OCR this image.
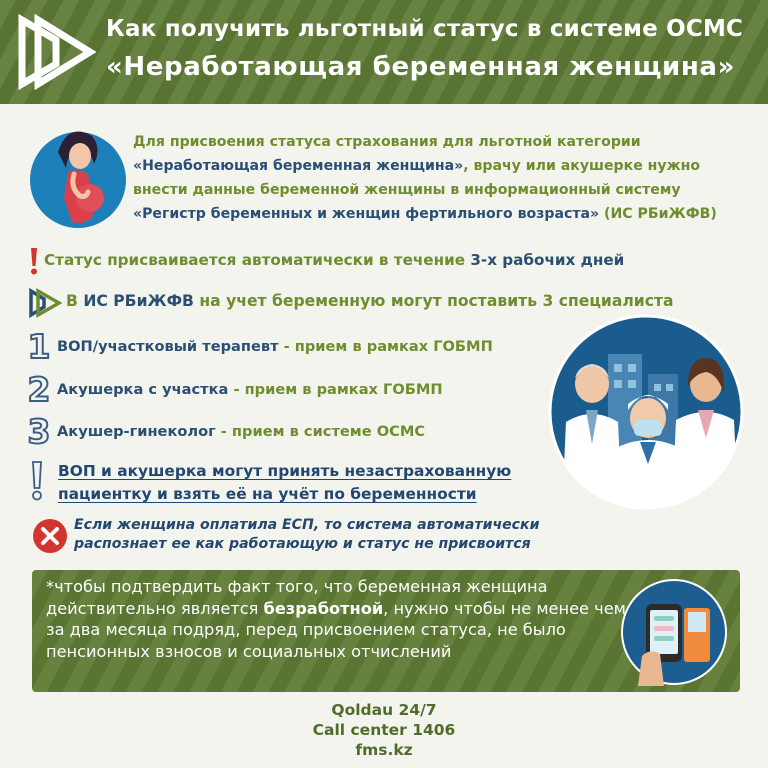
Как получить льготный статус в системе ОСМС
«Неработающая беременная женщина»
Для присвоения статуса страхования для льготной категории «Неработающая беременная женщина», врачу или акушерке нужно внести данные беременной женщины в информационный систему «Регистр беременных и женщин фертильного возраста» (ИС РБиЖФВ)
Статус присваивается автоматически в течение 3-х рабочих дней
В ИС РБиЖФВ на учет беременную могут поставить 3 специалиста
1 ВОП/участковый терапевт - прием в рамках ГОБМП
2 Акушерка с участка - прием в рамках ГОБМП
3 Акушер-гинеколог - прием в системе ОСМС
ВОП и акушерка могут принять незастрахованную
пациентку и взять её на учёт по беременности
Если женщина оплатила ЕСП, то система автоматически
распознает ее как работающую и статус не присвоится
*чтобы подтвердить факт того, что беременная женщина действительно является безработной, нужно чтобы не менее чем за два месяца подряд, перед присвоением статуса, не было пенсионных взносов и социальных отчислений
Qoldau 24/7
Call center 1406
fms.kz
